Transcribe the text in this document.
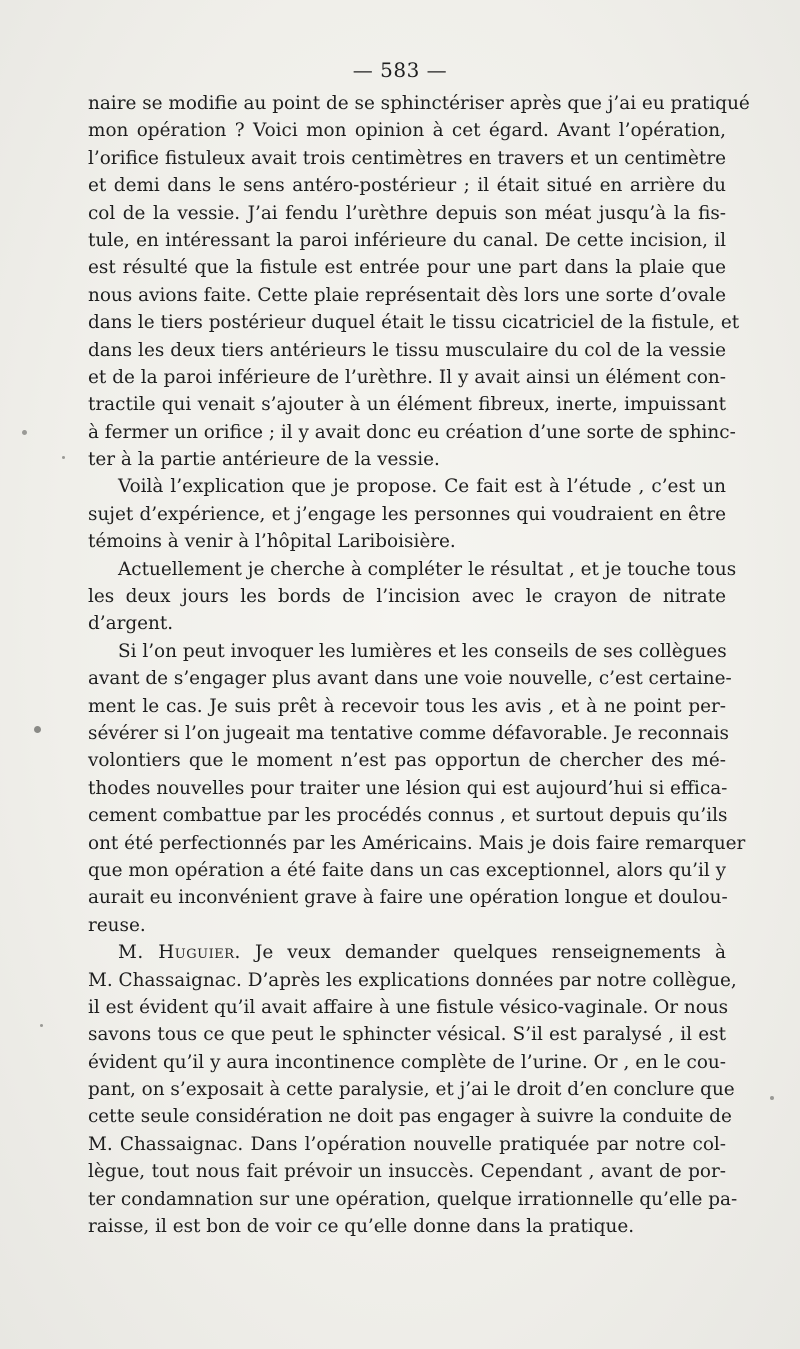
— 583 —
naire se modifie au point de se sphinctériser après que j’ai eu pratiqué
mon opération ? Voici mon opinion à cet égard. Avant l’opération,
l’orifice fistuleux avait trois centimètres en travers et un centimètre
et demi dans le sens antéro-postérieur ; il était situé en arrière du
col de la vessie. J’ai fendu l’urèthre depuis son méat jusqu’à la fis-
tule, en intéressant la paroi inférieure du canal. De cette incision, il
est résulté que la fistule est entrée pour une part dans la plaie que
nous avions faite. Cette plaie représentait dès lors une sorte d’ovale
dans le tiers postérieur duquel était le tissu cicatriciel de la fistule, et
dans les deux tiers antérieurs le tissu musculaire du col de la vessie
et de la paroi inférieure de l’urèthre. Il y avait ainsi un élément con-
tractile qui venait s’ajouter à un élément fibreux, inerte, impuissant
à fermer un orifice ; il y avait donc eu création d’une sorte de sphinc-
ter à la partie antérieure de la vessie.
Voilà l’explication que je propose. Ce fait est à l’étude , c’est un
sujet d’expérience, et j’engage les personnes qui voudraient en être
témoins à venir à l’hôpital Lariboisière.
Actuellement je cherche à compléter le résultat , et je touche tous
les deux jours les bords de l’incision avec le crayon de nitrate
d’argent.
Si l’on peut invoquer les lumières et les conseils de ses collègues
avant de s’engager plus avant dans une voie nouvelle, c’est certaine-
ment le cas. Je suis prêt à recevoir tous les avis , et à ne point per-
sévérer si l’on jugeait ma tentative comme défavorable. Je reconnais
volontiers que le moment n’est pas opportun de chercher des mé-
thodes nouvelles pour traiter une lésion qui est aujourd’hui si effica-
cement combattue par les procédés connus , et surtout depuis qu’ils
ont été perfectionnés par les Américains. Mais je dois faire remarquer
que mon opération a été faite dans un cas exceptionnel, alors qu’il y
aurait eu inconvénient grave à faire une opération longue et doulou-
reuse.
M. Huguier. Je veux demander quelques renseignements à
M. Chassaignac. D’après les explications données par notre collègue,
il est évident qu’il avait affaire à une fistule vésico-vaginale. Or nous
savons tous ce que peut le sphincter vésical. S’il est paralysé , il est
évident qu’il y aura incontinence complète de l’urine. Or , en le cou-
pant, on s’exposait à cette paralysie, et j’ai le droit d’en conclure que
cette seule considération ne doit pas engager à suivre la conduite de
M. Chassaignac. Dans l’opération nouvelle pratiquée par notre col-
lègue, tout nous fait prévoir un insuccès. Cependant , avant de por-
ter condamnation sur une opération, quelque irrationnelle qu’elle pa-
raisse, il est bon de voir ce qu’elle donne dans la pratique.
